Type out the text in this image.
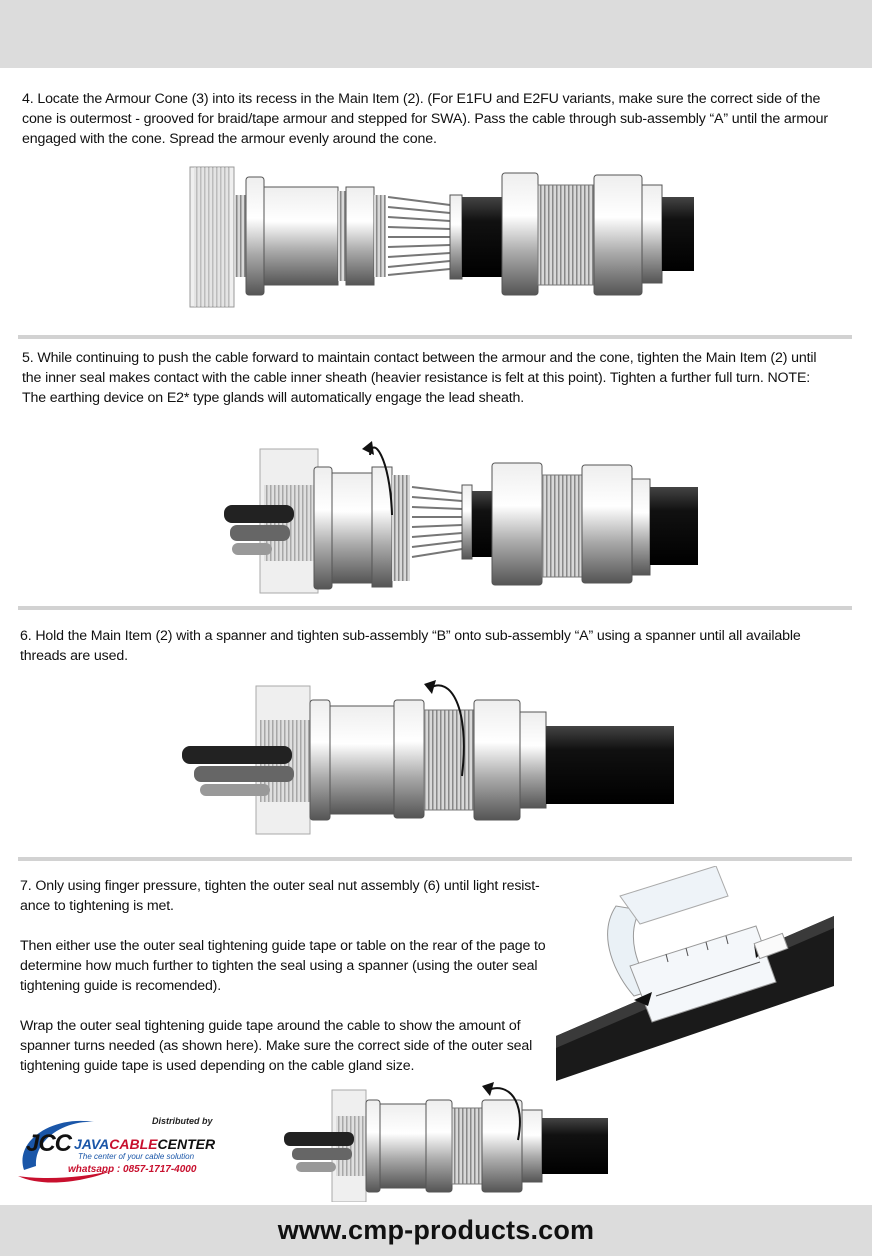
4. Locate the Armour Cone (3) into its recess in the Main Item (2). (For E1FU and E2FU variants, make sure the correct side of the cone is outermost - grooved for braid/tape armour and stepped for SWA). Pass the cable through sub-assembly “A” until the armour engaged with the cone. Spread the armour evenly around the cone.
5. While continuing to push the cable forward to maintain contact between the armour and the cone, tighten the Main Item (2) until the inner seal makes contact with the cable inner sheath (heavier resistance is felt at this point). Tighten a further full turn. NOTE: The earthing device on E2* type glands will automatically engage the lead sheath.
6. Hold the Main Item (2) with a spanner and tighten sub-assembly “B” onto sub-assembly “A” using a spanner until all available threads are used.

7. Only using finger pressure, tighten the outer seal nut assembly (6) until light resist-ance to tightening is met.

Then either use the outer seal tightening guide tape or table on the rear of the page to determine how much further to tighten the seal using a spanner (using the outer seal tightening guide is recomended).

Wrap the outer seal tightening guide tape around the cable to show the amount of spanner turns needed (as shown here). Make sure the correct side of the outer seal tightening guide tape is used depending on the cable gland size.

Distributed by
JCC JAVACABLECENTER
The center of your cable solution
whatsapp : 0857-1717-4000
www.cmp-products.com
